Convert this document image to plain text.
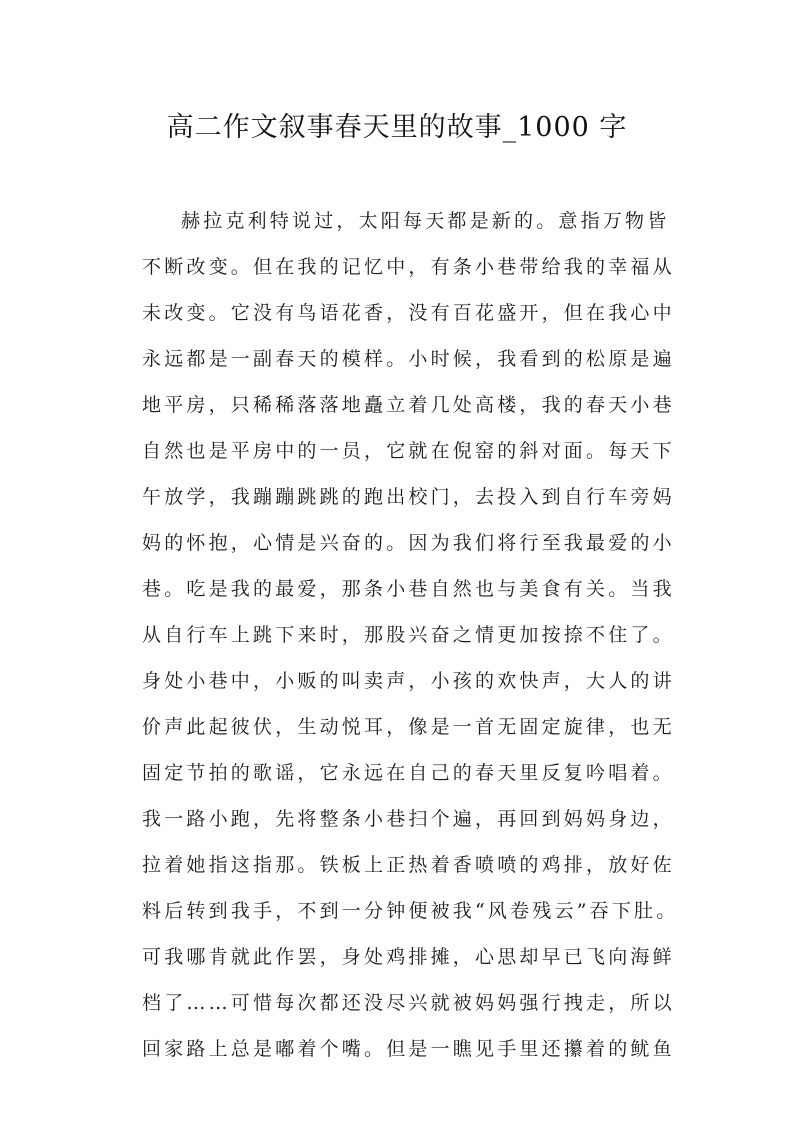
高二作文叙事春天里的故事_1000 字
赫拉克利特说过，太阳每天都是新的。意指万物皆
不断改变。但在我的记忆中，有条小巷带给我的幸福从
未改变。它没有鸟语花香，没有百花盛开，但在我心中
永远都是一副春天的模样。小时候，我看到的松原是遍
地平房，只稀稀落落地矗立着几处高楼，我的春天小巷
自然也是平房中的一员，它就在倪窑的斜对面。每天下
午放学，我蹦蹦跳跳的跑出校门，去投入到自行车旁妈
妈的怀抱，心情是兴奋的。因为我们将行至我最爱的小
巷。吃是我的最爱，那条小巷自然也与美食有关。当我
从自行车上跳下来时，那股兴奋之情更加按捺不住了。
身处小巷中，小贩的叫卖声，小孩的欢快声，大人的讲
价声此起彼伏，生动悦耳，像是一首无固定旋律，也无
固定节拍的歌谣，它永远在自己的春天里反复吟唱着。
我一路小跑，先将整条小巷扫个遍，再回到妈妈身边，
拉着她指这指那。铁板上正热着香喷喷的鸡排，放好佐
料后转到我手，不到一分钟便被我“风卷残云”吞下肚。
可我哪肯就此作罢，身处鸡排摊，心思却早已飞向海鲜
档了……可惜每次都还没尽兴就被妈妈强行拽走，所以
回家路上总是嘟着个嘴。但是一瞧见手里还攥着的鱿鱼
